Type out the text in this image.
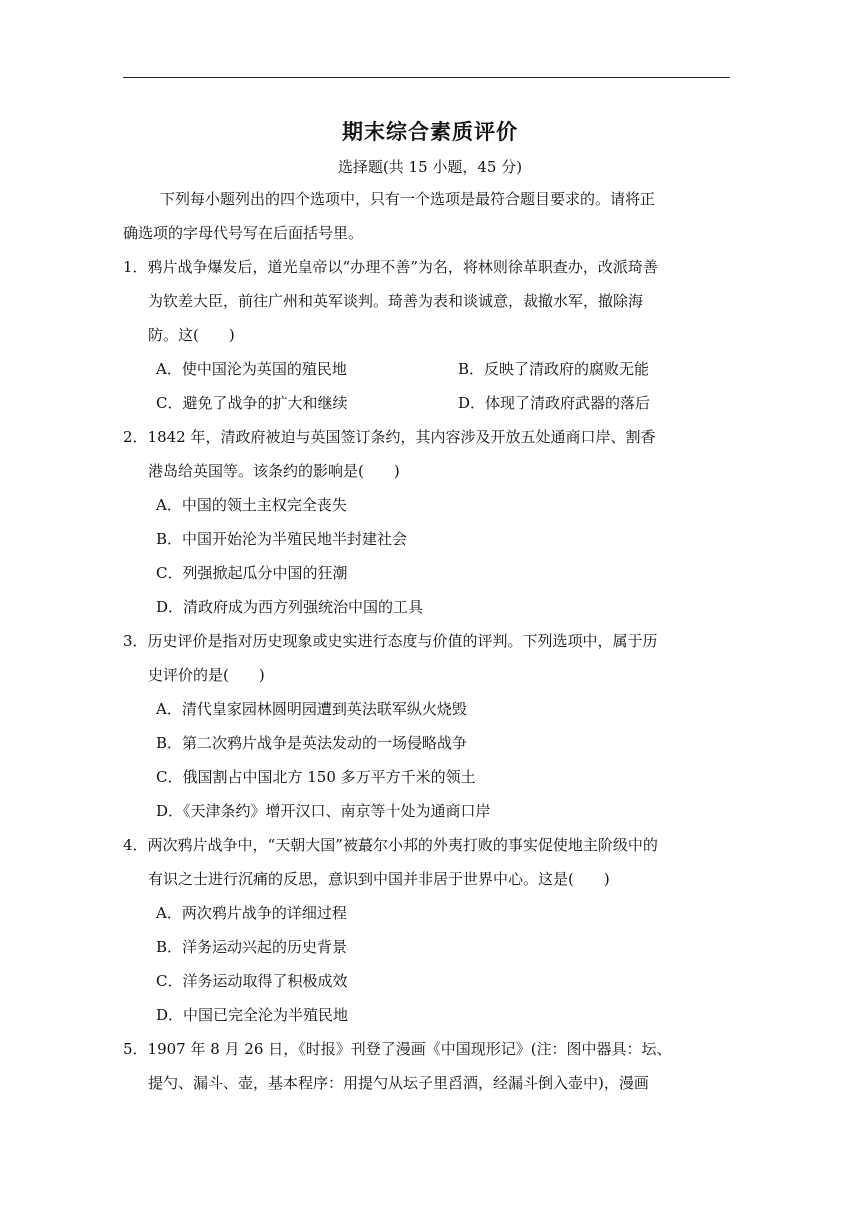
期末综合素质评价
选择题(共 15 小题，45 分)
下列每小题列出的四个选项中，只有一个选项是最符合题目要求的。请将正
确选项的字母代号写在后面括号里。
1．鸦片战争爆发后，道光皇帝以“办理不善”为名，将林则徐革职查办，改派琦善
为钦差大臣，前往广州和英军谈判。琦善为表和谈诚意，裁撤水军，撤除海
防。这(　　)
A．使中国沦为英国的殖民地	B．反映了清政府的腐败无能
C．避免了战争的扩大和继续	D．体现了清政府武器的落后
2．1842 年，清政府被迫与英国签订条约，其内容涉及开放五处通商口岸、割香
港岛给英国等。该条约的影响是(　　)
A．中国的领土主权完全丧失
B．中国开始沦为半殖民地半封建社会
C．列强掀起瓜分中国的狂潮
D．清政府成为西方列强统治中国的工具
3．历史评价是指对历史现象或史实进行态度与价值的评判。下列选项中，属于历
史评价的是(　　)
A．清代皇家园林圆明园遭到英法联军纵火烧毁
B．第二次鸦片战争是英法发动的一场侵略战争
C．俄国割占中国北方 150 多万平方千米的领土
D．《天津条约》增开汉口、南京等十处为通商口岸
4．两次鸦片战争中，“天朝大国”被蕞尔小邦的外夷打败的事实促使地主阶级中的
有识之士进行沉痛的反思，意识到中国并非居于世界中心。这是(　　)
A．两次鸦片战争的详细过程
B．洋务运动兴起的历史背景
C．洋务运动取得了积极成效
D．中国已完全沦为半殖民地
5．1907 年 8 月 26 日，《时报》刊登了漫画《中国现形记》(注：图中器具：坛、
提勺、漏斗、壶，基本程序：用提勺从坛子里舀酒，经漏斗倒入壶中)，漫画
